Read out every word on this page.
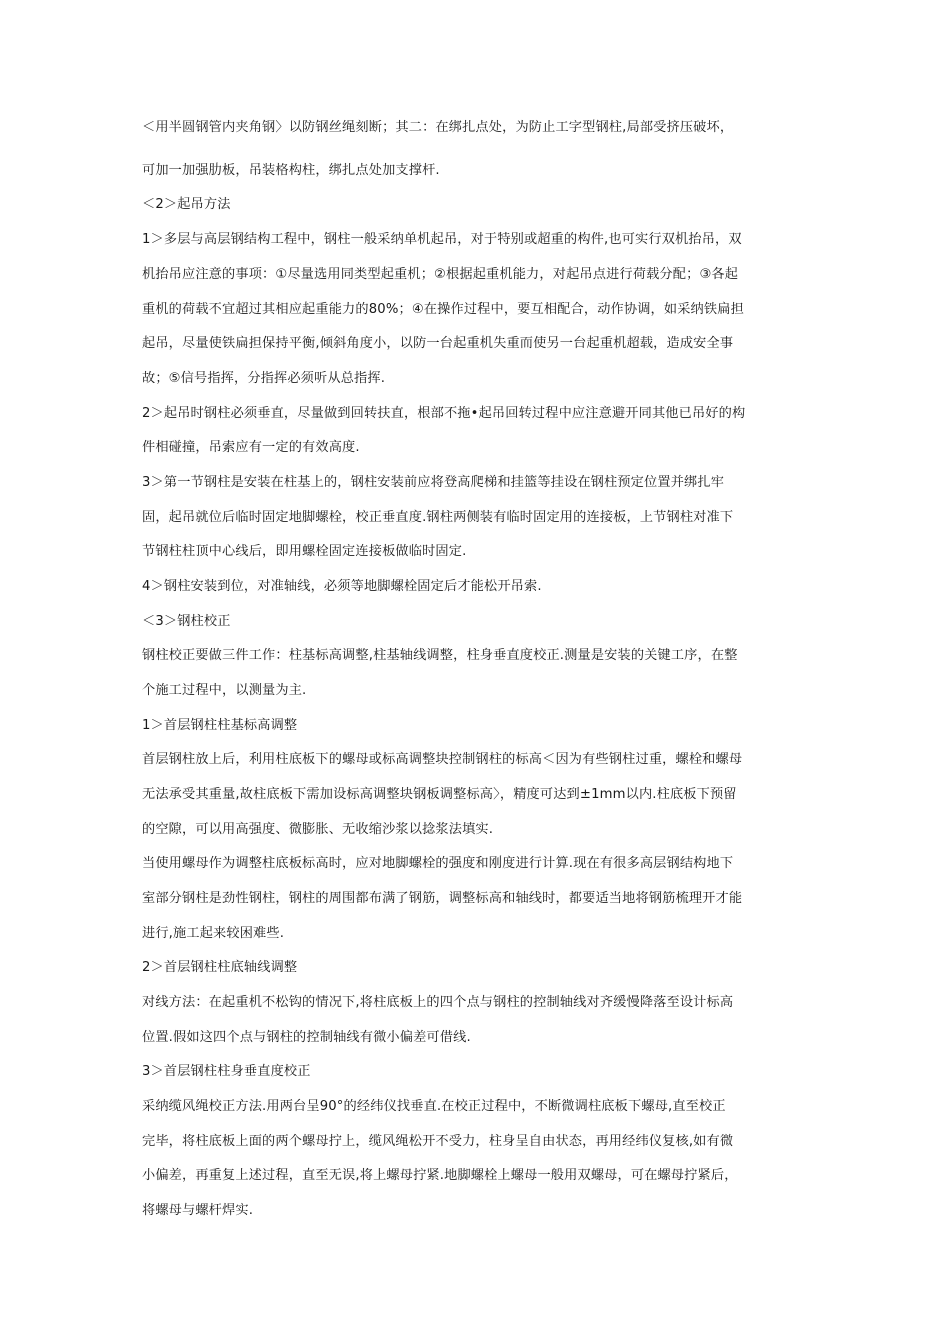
＜用半圆钢管内夹角钢〉以防钢丝绳刻断；其二：在绑扎点处，为防止工字型钢柱,局部受挤压破坏，
可加一加强肋板，吊装格构柱，绑扎点处加支撑杆.
＜2＞起吊方法
1＞多层与高层钢结构工程中，钢柱一般采纳单机起吊，对于特别或超重的构件,也可实行双机抬吊，双
机抬吊应注意的事项：①尽量选用同类型起重机；②根据起重机能力，对起吊点进行荷载分配；③各起
重机的荷载不宜超过其相应起重能力的80%；④在操作过程中，要互相配合，动作协调，如采纳铁扁担
起吊，尽量使铁扁担保持平衡,倾斜角度小，以防一台起重机失重而使另一台起重机超载，造成安全事
故；⑤信号指挥，分指挥必须听从总指挥.
2＞起吊时钢柱必须垂直，尽量做到回转扶直，根部不拖•起吊回转过程中应注意避开同其他已吊好的构
件相碰撞，吊索应有一定的有效高度.
3＞第一节钢柱是安装在柱基上的，钢柱安装前应将登高爬梯和挂篮等挂设在钢柱预定位置并绑扎牢
固，起吊就位后临时固定地脚螺栓，校正垂直度.钢柱两侧装有临时固定用的连接板，上节钢柱对准下
节钢柱柱顶中心线后，即用螺栓固定连接板做临时固定.
4＞钢柱安装到位，对准轴线，必须等地脚螺栓固定后才能松开吊索.
＜3＞钢柱校正
钢柱校正要做三件工作：柱基标高调整,柱基轴线调整，柱身垂直度校正.测量是安装的关键工序，在整
个施工过程中，以测量为主.
1＞首层钢柱柱基标高调整
首层钢柱放上后，利用柱底板下的螺母或标高调整块控制钢柱的标高＜因为有些钢柱过重，螺栓和螺母
无法承受其重量,故柱底板下需加设标高调整块钢板调整标高〉，精度可达到±1mm以内.柱底板下预留
的空隙，可以用高强度、微膨胀、无收缩沙浆以捻浆法填实.
当使用螺母作为调整柱底板标高时，应对地脚螺栓的强度和刚度进行计算.现在有很多高层钢结构地下
室部分钢柱是劲性钢柱，钢柱的周围都布满了钢筋，调整标高和轴线时，都要适当地将钢筋梳理开才能
进行,施工起来较困难些.
2＞首层钢柱柱底轴线调整
对线方法：在起重机不松钩的情况下,将柱底板上的四个点与钢柱的控制轴线对齐缓慢降落至设计标高
位置.假如这四个点与钢柱的控制轴线有微小偏差可借线.
3＞首层钢柱柱身垂直度校正
采纳缆风绳校正方法.用两台呈90°的经纬仪找垂直.在校正过程中，不断微调柱底板下螺母,直至校正
完毕，将柱底板上面的两个螺母拧上，缆风绳松开不受力，柱身呈自由状态，再用经纬仪复核,如有微
小偏差，再重复上述过程，直至无误,将上螺母拧紧.地脚螺栓上螺母一般用双螺母，可在螺母拧紧后，
将螺母与螺杆焊实.
